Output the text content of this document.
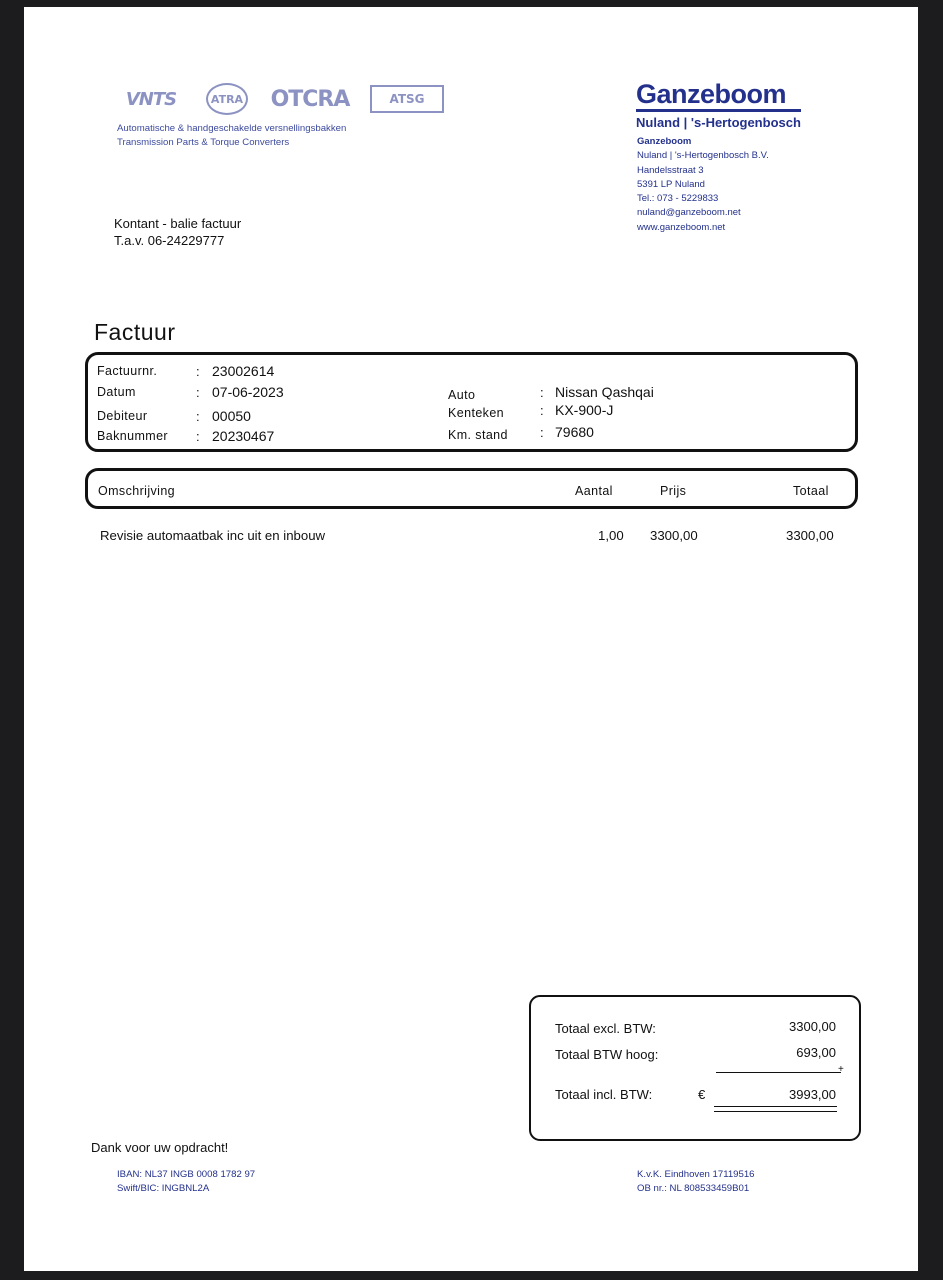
VNTS	ATRA OTCRA	ATSG
Automatische & handgeschakelde versnellingsbakken
Transmission Parts & Torque Converters
Ganzeboom
Nuland | 's-Hertogenbosch
Ganzeboom
Nuland | 's-Hertogenbosch B.V.
Handelsstraat 3
5391 LP Nuland
Tel.: 073 - 5229833
nuland@ganzeboom.net
www.ganzeboom.net
Kontant - balie factuur
T.a.v. 06-24229777
Factuur
Factuurnr.	: 23002614
Datum	: 07-06-2023
Debiteur	: 00050
Baknummer : 20230467
Auto	: Nissan Qashqai
Kenteken	: KX-900-J
Km. stand : 79680
Omschrijving	Aantal	Prijs	Totaal
Revisie automaatbak inc uit en inbouw	1,00 3300,00	3300,00
Totaal excl. BTW:	3300,00
Totaal BTW hoog:	693,00
+
Totaal incl. BTW:	€	3993,00
Dank voor uw opdracht!
IBAN: NL37 INGB 0008 1782 97
Swift/BIC: INGBNL2A
K.v.K. Eindhoven 17119516
OB nr.: NL 808533459B01
